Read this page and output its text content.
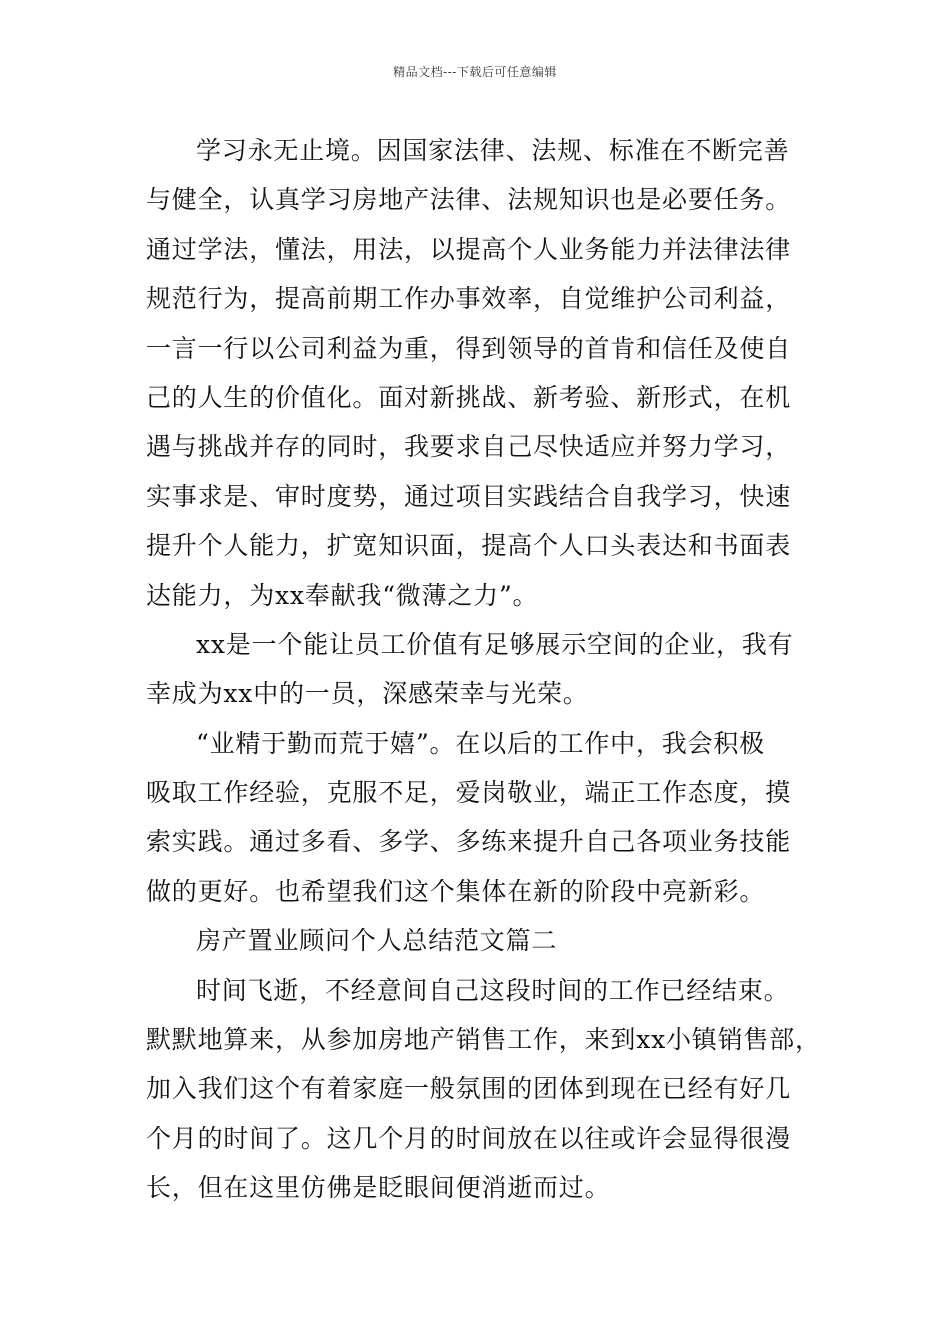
精品文档---下载后可任意编辑
学习永无止境。因国家法律、法规、标准在不断完善
与健全，认真学习房地产法律、法规知识也是必要任务。
通过学法，懂法，用法，以提高个人业务能力并法律法律
规范行为，提高前期工作办事效率，自觉维护公司利益，
一言一行以公司利益为重，得到领导的首肯和信任及使自
己的人生的价值化。面对新挑战、新考验、新形式，在机
遇与挑战并存的同时，我要求自己尽快适应并努力学习，
实事求是、审时度势，通过项目实践结合自我学习，快速
提升个人能力，扩宽知识面，提高个人口头表达和书面表
达能力，为xx奉献我“微薄之力”。
xx是一个能让员工价值有足够展示空间的企业，我有
幸成为xx中的一员，深感荣幸与光荣。
“业精于勤而荒于嬉”。在以后的工作中，我会积极
吸取工作经验，克服不足，爱岗敬业，端正工作态度，摸
索实践。通过多看、多学、多练来提升自己各项业务技能
做的更好。也希望我们这个集体在新的阶段中亮新彩。
房产置业顾问个人总结范文篇二
时间飞逝，不经意间自己这段时间的工作已经结束。
默默地算来，从参加房地产销售工作，来到xx小镇销售部，
加入我们这个有着家庭一般氛围的团体到现在已经有好几
个月的时间了。这几个月的时间放在以往或许会显得很漫
长，但在这里仿佛是眨眼间便消逝而过。
